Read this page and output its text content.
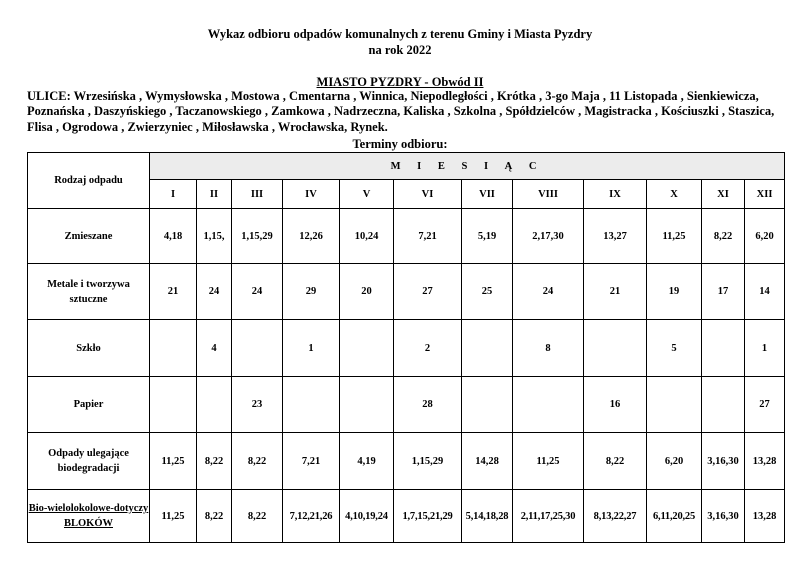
Wykaz odbioru odpadów komunalnych z terenu Gminy i Miasta Pyzdry
na rok 2022
MIASTO PYZDRY - Obwód II

ULICE: Wrzesińska , Wymysłowska , Mostowa , Cmentarna , Winnica, Niepodległości , Krótka , 3-go Maja , 11 Listopada , Sienkiewicza, Poznańska , Daszyńskiego , Taczanowskiego , Zamkowa , Nadrzeczna, Kaliska , Szkolna , Spółdzielców , Magistracka , Kościuszki , Staszica, Flisa , Ogrodowa , Zwierzyniec , Miłosławska , Wrocławska, Rynek.

Terminy odbioru:
Rodzaj odpadu	M I E S I Ą C											
	I	II	III	IV	V	VI	VII	VIII	IX	X	XI	XII
Zmieszane	4,18	1,15,	1,15,29	12,26	10,24	7,21	5,19	2,17,30	13,27	11,25	8,22	6,20
Metale i tworzywa sztuczne	21	24	24	29	20	27	25	24	21	19	17	14
Szkło		4		1		2		8		5		1
Papier			23			28			16			27
Odpady ulegające biodegradacji	11,25	8,22	8,22	7,21	4,19	1,15,29	14,28	11,25	8,22	6,20	3,16,30	13,28
Bio-wielolokolowe-dotyczy BLOKÓW	11,25	8,22	8,22	7,12,21,26	4,10,19,24	1,7,15,21,29	5,14,18,28	2,11,17,25,30	8,13,22,27	6,11,20,25	3,16,30	13,28
